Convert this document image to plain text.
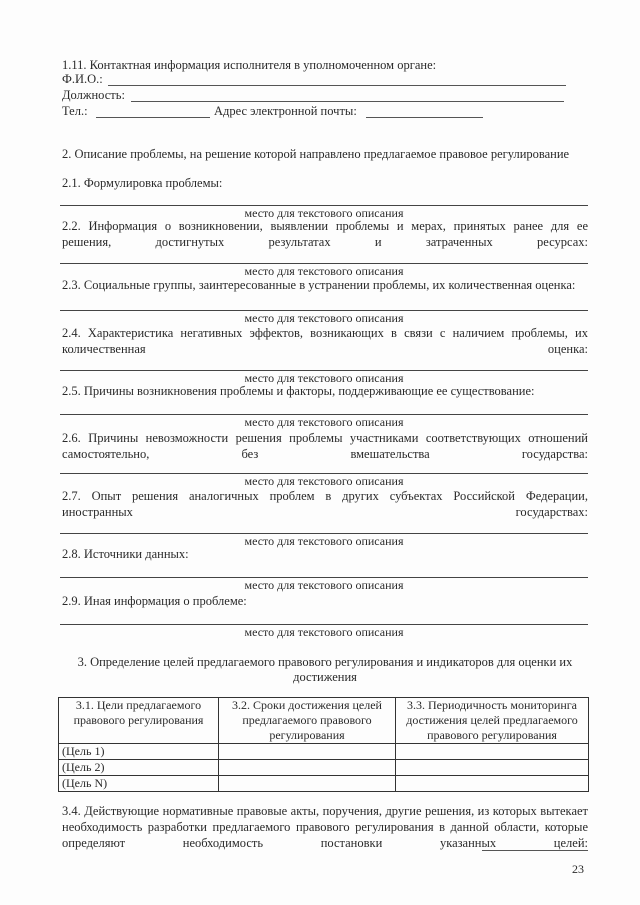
1.11. Контактная информация исполнителя в уполномоченном органе:
Ф.И.О.:
Должность:
Тел.:	Адрес электронной почты:
2. Описание проблемы, на решение которой направлено предлагаемое правовое регулирование
2.1. Формулировка проблемы:
место для текстового описания
2.2. Информация о возникновении, выявлении проблемы и мерах, принятых ранее для ее решения, достигнутых результатах и затраченных ресурсах:
место для текстового описания
2.3. Социальные группы, заинтересованные в устранении проблемы, их количественная оценка:
место для текстового описания
2.4. Характеристика негативных эффектов, возникающих в связи с наличием проблемы, их количественная оценка:
место для текстового описания
2.5. Причины возникновения проблемы и факторы, поддерживающие ее существование:
место для текстового описания
2.6. Причины невозможности решения проблемы участниками соответствующих отношений самостоятельно, без вмешательства государства:
место для текстового описания
2.7. Опыт решения аналогичных проблем в других субъектах Российской Федерации, иностранных государствах:
место для текстового описания
2.8. Источники данных:
место для текстового описания
2.9. Иная информация о проблеме:
место для текстового описания
3. Определение целей предлагаемого правового регулирования и индикаторов для оценки их
достижения
3.1. Цели предлагаемого правового регулирования	3.2. Сроки достижения целей предлагаемого правового регулирования	3.3. Периодичность мониторинга достижения целей предлагаемого правового регулирования
(Цель 1)		
(Цель 2)		
(Цель N)		
3.4. Действующие нормативные правовые акты, поручения, другие решения, из которых вытекает необходимость разработки предлагаемого правового регулирования в данной области, которые определяют необходимость постановки указанных целей:
23
